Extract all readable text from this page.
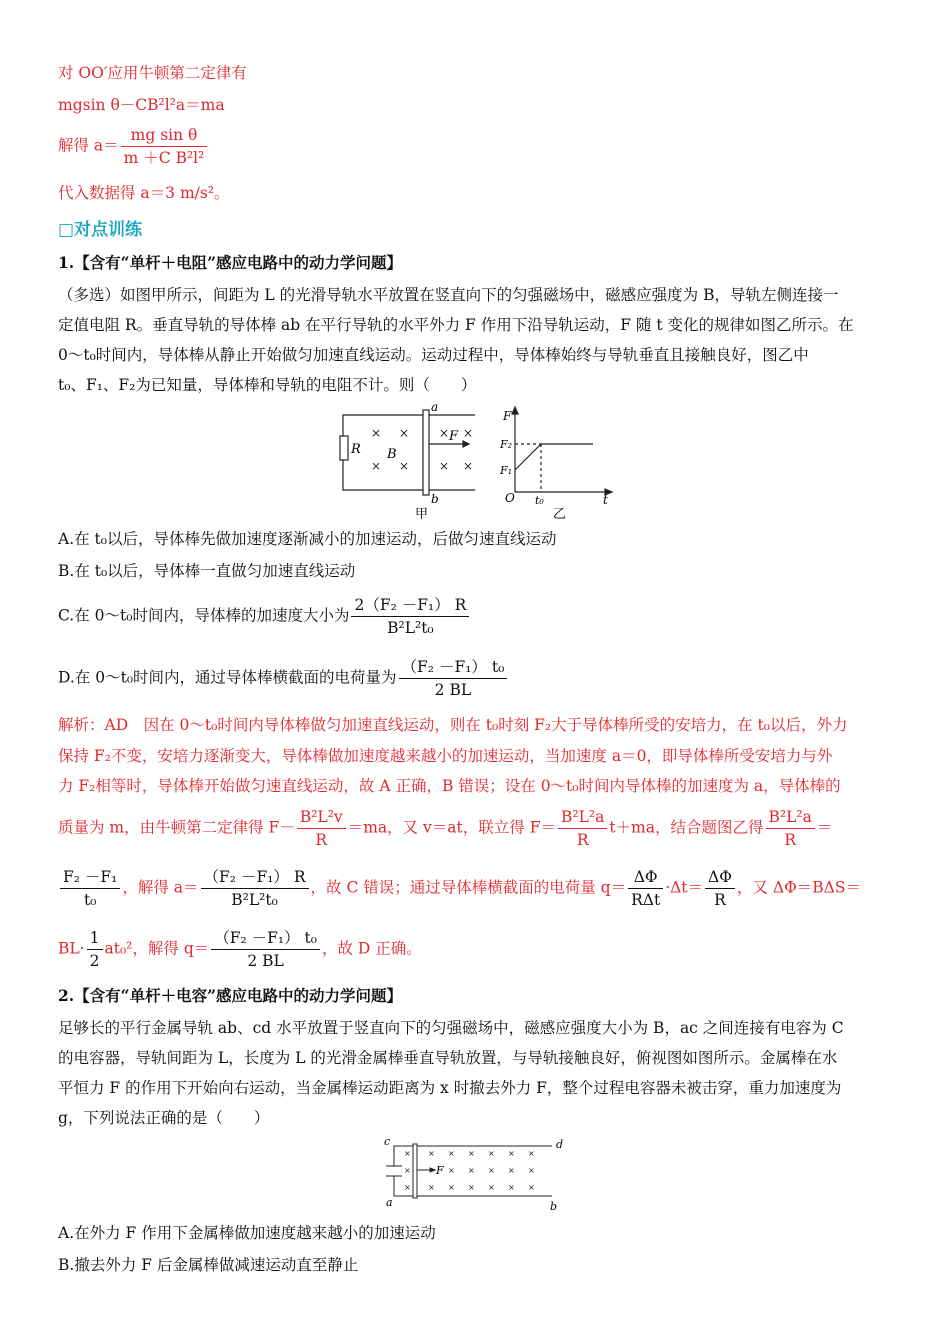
对 OO′应用牛顿第二定律有
mgsin θ－CB²l²a＝ma
解得 $a= \frac{\text{mg sin θ}}{\text{m ＋C B²l²}}$
代入数据得 a＝3 m/s²。
□对点训练
1.【含有“单杆＋电阻”感应电路中的动力学问题】
（多选）如图甲所示，间距为 L 的光滑导轨水平放置在竖直向下的匀强磁场中，磁感应强度为 B，导轨左侧连接一
定值电阻 R。垂直导轨的导体棒 ab 在平行导轨的水平外力 F 作用下沿导轨运动，F 随 t 变化的规律如图乙所示。在
0～t₀时间内，导体棒从静止开始做匀加速直线运动。运动过程中，导体棒始终与导轨垂直且接触良好，图乙中
t₀、F₁、F₂为已知量，导体棒和导轨的电阻不计。则（　　）
× ×
× ×
× ×
× ×
R B
F
a
b
甲
F
F₂
F₁
O t₀	t
乙
A.在 t₀以后，导体棒先做加速度逐渐减小的加速运动，后做匀速直线运动
B.在 t₀以后，导体棒一直做匀加速直线运动
C.在 0～t₀时间内，导体棒的加速度大小为 $\frac{\text{2（F₂ －F₁） R}}{\text{B²L²t₀}}$
D.在 0～t₀时间内，通过导体棒横截面的电荷量为 $\frac{\text{（F₂ －F₁） t₀}}{2 BL}$
解析：AD　因在 0～t₀时间内导体棒做匀加速直线运动，则在 t₀时刻 F₂大于导体棒所受的安培力，在 t₀以后，外力
保持 F₂不变，安培力逐渐变大，导体棒做加速度越来越小的加速运动，当加速度 a＝0，即导体棒所受安培力与外
力 F₂相等时，导体棒开始做匀速直线运动，故 A 正确，B 错误；设在 0～t₀时间内导体棒的加速度为 a，导体棒的
质量为 m，由牛顿第二定律得 $F- \frac{\text{B²L²v}}{R} =ma$，又 v＝at，联立得 $F= \frac{\text{B²L²a}}{R} t+ma$，结合题图乙得 $\frac{\text{B²L²a}}{R}$ ＝
$\frac{\text{F₂ －F₁}}{\text{t₀}}$ ，解得 $a= \frac{\text{（F₂ －F₁） R}}{\text{B²L²t₀}}$ ，故 C 错误；通过导体棒横截面的电荷量 $q= \frac{\Delta\Phi}{\text{RΔt}} \cdot\Delta t= \frac{\Delta\Phi}{R}$ ，又 ΔΦ＝BΔS＝
$BL\cdot \frac{1}{2} at_0^2$，解得 $q= \frac{\text{（F₂ －F₁） t₀}}{2 BL}$ ，故 D 正确。
2.【含有“单杆＋电容”感应电路中的动力学问题】
足够长的平行金属导轨 ab、cd 水平放置于竖直向下的匀强磁场中，磁感应强度大小为 B，ac 之间连接有电容为 C
的电容器，导轨间距为 L，长度为 L 的光滑金属棒垂直导轨放置，与导轨接触良好，俯视图如图所示。金属棒在水
平恒力 F 的作用下开始向右运动，当金属棒运动距离为 x 时撤去外力 F，整个过程电容器未被击穿，重力加速度为
g，下列说法正确的是（　　）
×
×
×
× × × × × ×
× × × × ×
× × × × × ×
F
c	d
a	b
A.在外力 F 作用下金属棒做加速度越来越小的加速运动
B.撤去外力 F 后金属棒做减速运动直至静止
